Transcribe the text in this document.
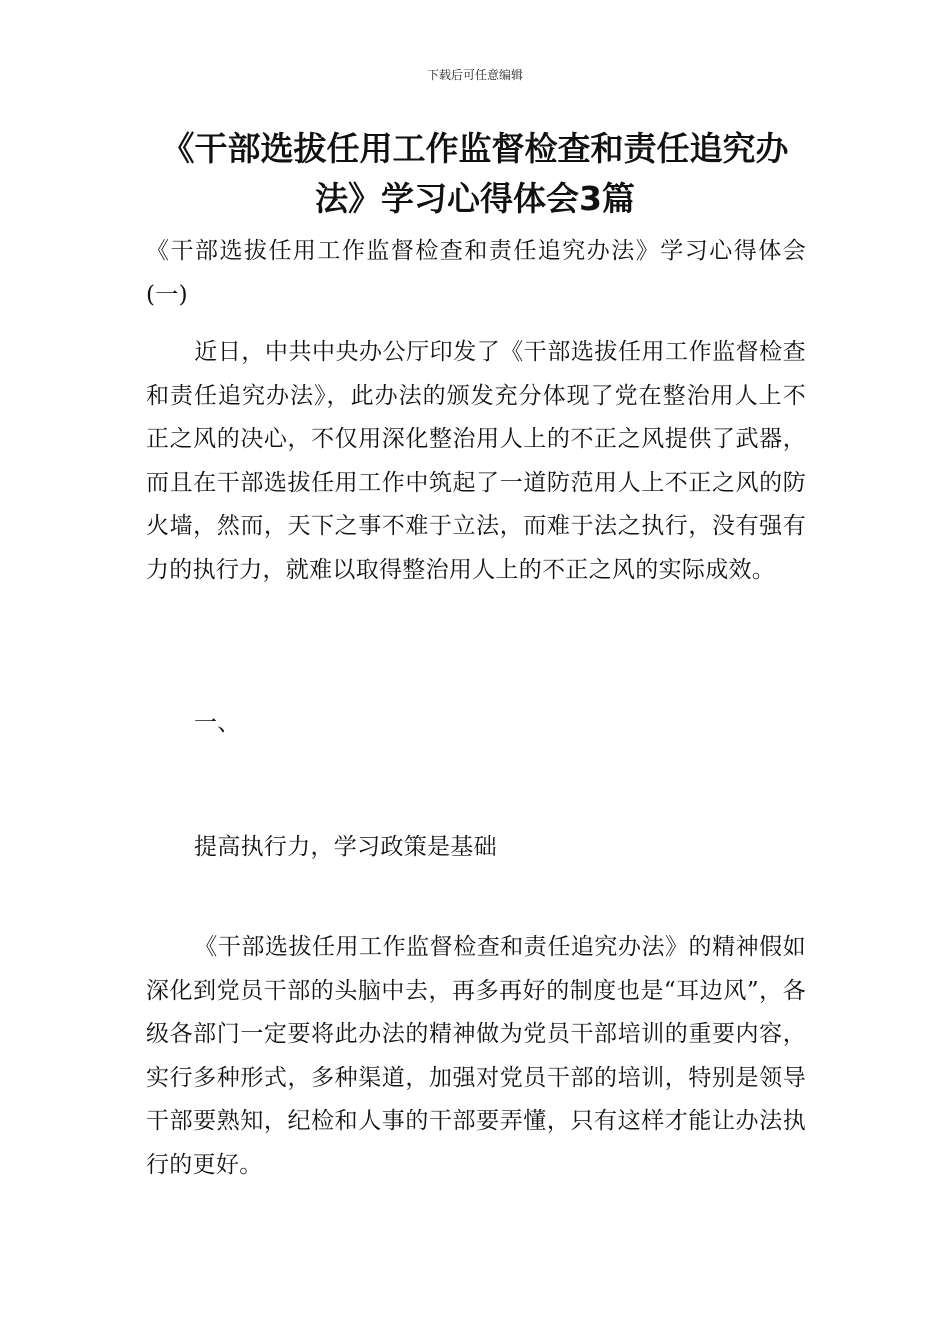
下载后可任意编辑
《干部选拔任用工作监督检查和责任追究办法》学习心得体会3篇

《干部选拔任用工作监督检查和责任追究办法》学习心得体会(一)

近日，中共中央办公厅印发了《干部选拔任用工作监督检查和责任追究办法》，此办法的颁发充分体现了党在整治用人上不正之风的决心，不仅用深化整治用人上的不正之风提供了武器，而且在干部选拔任用工作中筑起了一道防范用人上不正之风的防火墙，然而，天下之事不难于立法，而难于法之执行，没有强有力的执行力，就难以取得整治用人上的不正之风的实际成效。

一、

提高执行力，学习政策是基础

《干部选拔任用工作监督检查和责任追究办法》的精神假如深化到党员干部的头脑中去，再多再好的制度也是“耳边风”，各级各部门一定要将此办法的精神做为党员干部培训的重要内容，实行多种形式，多种渠道，加强对党员干部的培训，特别是领导干部要熟知，纪检和人事的干部要弄懂，只有这样才能让办法执行的更好。
